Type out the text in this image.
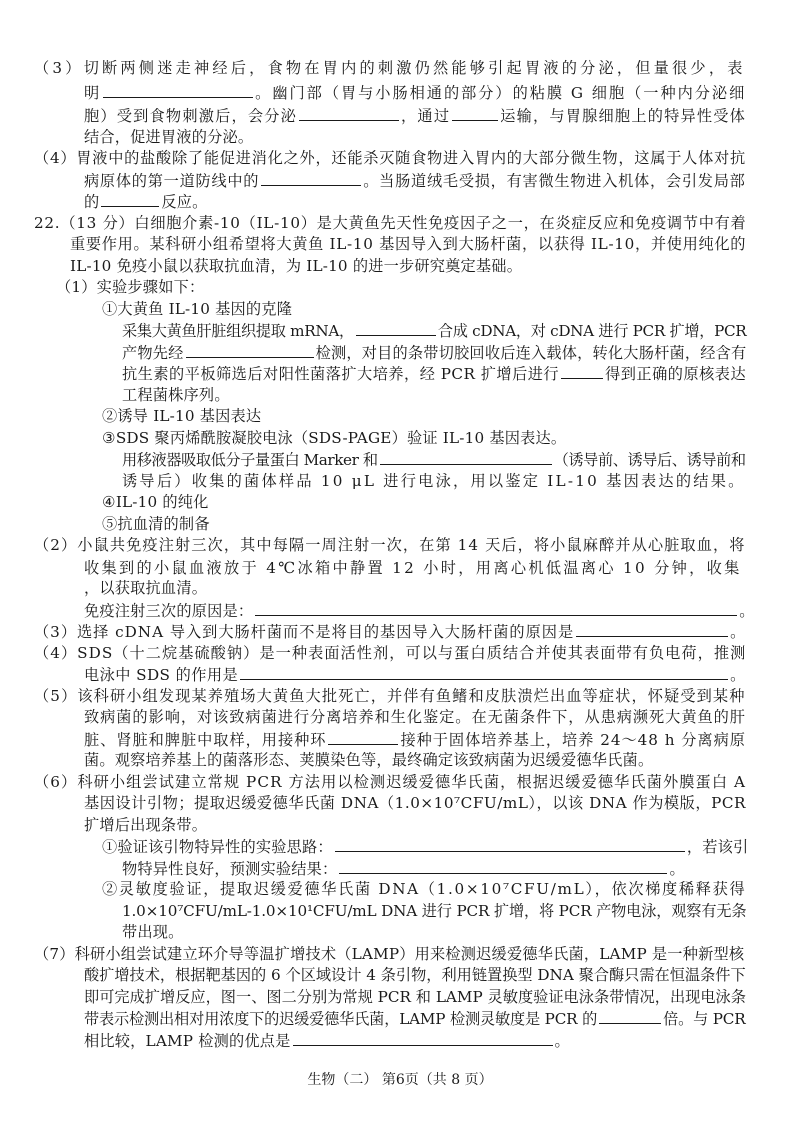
（3）切断两侧迷走神经后，食物在胃内的刺激仍然能够引起胃液的分泌，但量很少，表
明	。幽门部（胃与小肠相通的部分）的粘膜 G 细胞（一种内分泌细
胞）受到食物刺激后，会分泌	，通过	运输，与胃腺细胞上的特异性受体
结合，促进胃液的分泌。
（4）胃液中的盐酸除了能促进消化之外，还能杀灭随食物进入胃内的大部分微生物，这属于人体对抗
病原体的第一道防线中的	。当肠道绒毛受损，有害微生物进入机体，会引发局部
的	反应。
22.（13 分）白细胞介素-10（IL-10）是大黄鱼先天性免疫因子之一，在炎症反应和免疫调节中有着
重要作用。某科研小组希望将大黄鱼 IL-10 基因导入到大肠杆菌，以获得 IL-10，并使用纯化的
IL-10 免疫小鼠以获取抗血清，为 IL-10 的进一步研究奠定基础。
（1）实验步骤如下：
①大黄鱼 IL-10 基因的克隆
采集大黄鱼肝脏组织提取 mRNA，	合成 cDNA，对 cDNA 进行 PCR 扩增，PCR
产物先经	检测，对目的条带切胶回收后连入载体，转化大肠杆菌，经含有
抗生素的平板筛选后对阳性菌落扩大培养，经 PCR 扩增后进行	得到正确的原核表达
工程菌株序列。
②诱导 IL-10 基因表达
③SDS 聚丙烯酰胺凝胶电泳（SDS-PAGE）验证 IL-10 基因表达。
用移液器吸取低分子量蛋白 Marker 和	（诱导前、诱导后、诱导前和
诱导后）收集的菌体样品 10 μL 进行电泳，用以鉴定 IL-10 基因表达的结果。
④IL-10 的纯化
⑤抗血清的制备
（2）小鼠共免疫注射三次，其中每隔一周注射一次，在第 14 天后，将小鼠麻醉并从心脏取血，将
收集到的小鼠血液放于 4℃冰箱中静置 12 小时，用离心机低温离心 10 分钟，收集
，以获取抗血清。
免疫注射三次的原因是：	。
（3）选择 cDNA 导入到大肠杆菌而不是将目的基因导入大肠杆菌的原因是	。
（4）SDS（十二烷基硫酸钠）是一种表面活性剂，可以与蛋白质结合并使其表面带有负电荷，推测
电泳中 SDS 的作用是	。
（5）该科研小组发现某养殖场大黄鱼大批死亡，并伴有鱼鳍和皮肤溃烂出血等症状，怀疑受到某种
致病菌的影响，对该致病菌进行分离培养和生化鉴定。在无菌条件下，从患病濒死大黄鱼的肝
脏、肾脏和脾脏中取样，用接种环	接种于固体培养基上，培养 24～48 h 分离病原
菌。观察培养基上的菌落形态、荚膜染色等，最终确定该致病菌为迟缓爱德华氏菌。
（6）科研小组尝试建立常规 PCR 方法用以检测迟缓爱德华氏菌，根据迟缓爱德华氏菌外膜蛋白 A
基因设计引物；提取迟缓爱德华氏菌 DNA（1.0×10⁷CFU/mL），以该 DNA 作为模版，PCR
扩增后出现条带。
①验证该引物特异性的实验思路：	，若该引
物特异性良好，预测实验结果：	。
②灵敏度验证，提取迟缓爱德华氏菌 DNA（1.0×10⁷CFU/mL），依次梯度稀释获得
1.0×10⁷CFU/mL-1.0×10¹CFU/mL DNA 进行 PCR 扩增，将 PCR 产物电泳，观察有无条
带出现。
（7）科研小组尝试建立环介导等温扩增技术（LAMP）用来检测迟缓爱德华氏菌，LAMP 是一种新型核
酸扩增技术，根据靶基因的 6 个区域设计 4 条引物，利用链置换型 DNA 聚合酶只需在恒温条件下
即可完成扩增反应，图一、图二分别为常规 PCR 和 LAMP 灵敏度验证电泳条带情况，出现电泳条
带表示检测出相对用浓度下的迟缓爱德华氏菌，LAMP 检测灵敏度是 PCR 的	倍。与 PCR
相比较，LAMP 检测的优点是	。
生物（二） 第6页（共 8 页）
